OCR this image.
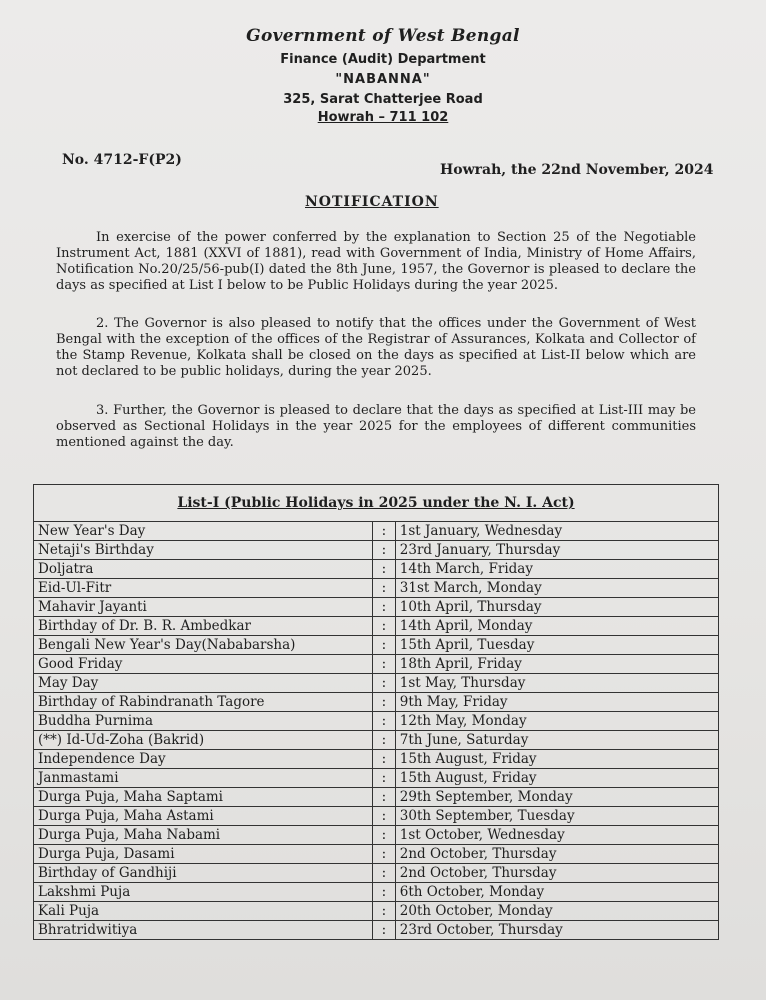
Government of West Bengal
Finance (Audit) Department
"NABANNA"
325, Sarat Chatterjee Road
Howrah – 711 102
No. 4712-F(P2)
Howrah, the 22nd November, 2024
NOTIFICATION
In exercise of the power conferred by the explanation to Section 25 of the Negotiable Instrument Act, 1881 (XXVI of 1881), read with Government of India, Ministry of Home Affairs, Notification No.20/25/56-pub(I) dated the 8th June, 1957, the Governor is pleased to declare the days as specified at List I below to be Public Holidays during the year 2025.
2. The Governor is also pleased to notify that the offices under the Government of West Bengal with the exception of the offices of the Registrar of Assurances, Kolkata and Collector of the Stamp Revenue, Kolkata shall be closed on the days as specified at List-II below which are not declared to be public holidays, during the year 2025.
3. Further, the Governor is pleased to declare that the days as specified at List-III may be observed as Sectional Holidays in the year 2025 for the employees of different communities mentioned against the day.
List-I (Public Holidays in 2025 under the N. I. Act)		
New Year's Day	:	1st January, Wednesday
Netaji's Birthday	:	23rd January, Thursday
Doljatra	:	14th March, Friday
Eid-Ul-Fitr	:	31st March, Monday
Mahavir Jayanti	:	10th April, Thursday
Birthday of Dr. B. R. Ambedkar	:	14th April, Monday
Bengali New Year's Day(Nababarsha)	:	15th April, Tuesday
Good Friday	:	18th April, Friday
May Day	:	1st May, Thursday
Birthday of Rabindranath Tagore	:	9th May, Friday
Buddha Purnima	:	12th May, Monday
(**) Id-Ud-Zoha (Bakrid)	:	7th June, Saturday
Independence Day	:	15th August, Friday
Janmastami	:	15th August, Friday
Durga Puja, Maha Saptami	:	29th September, Monday
Durga Puja, Maha Astami	:	30th September, Tuesday
Durga Puja, Maha Nabami	:	1st October, Wednesday
Durga Puja, Dasami	:	2nd October, Thursday
Birthday of Gandhiji	:	2nd October, Thursday
Lakshmi Puja	:	6th October, Monday
Kali Puja	:	20th October, Monday
Bhratridwitiya	:	23rd October, Thursday
